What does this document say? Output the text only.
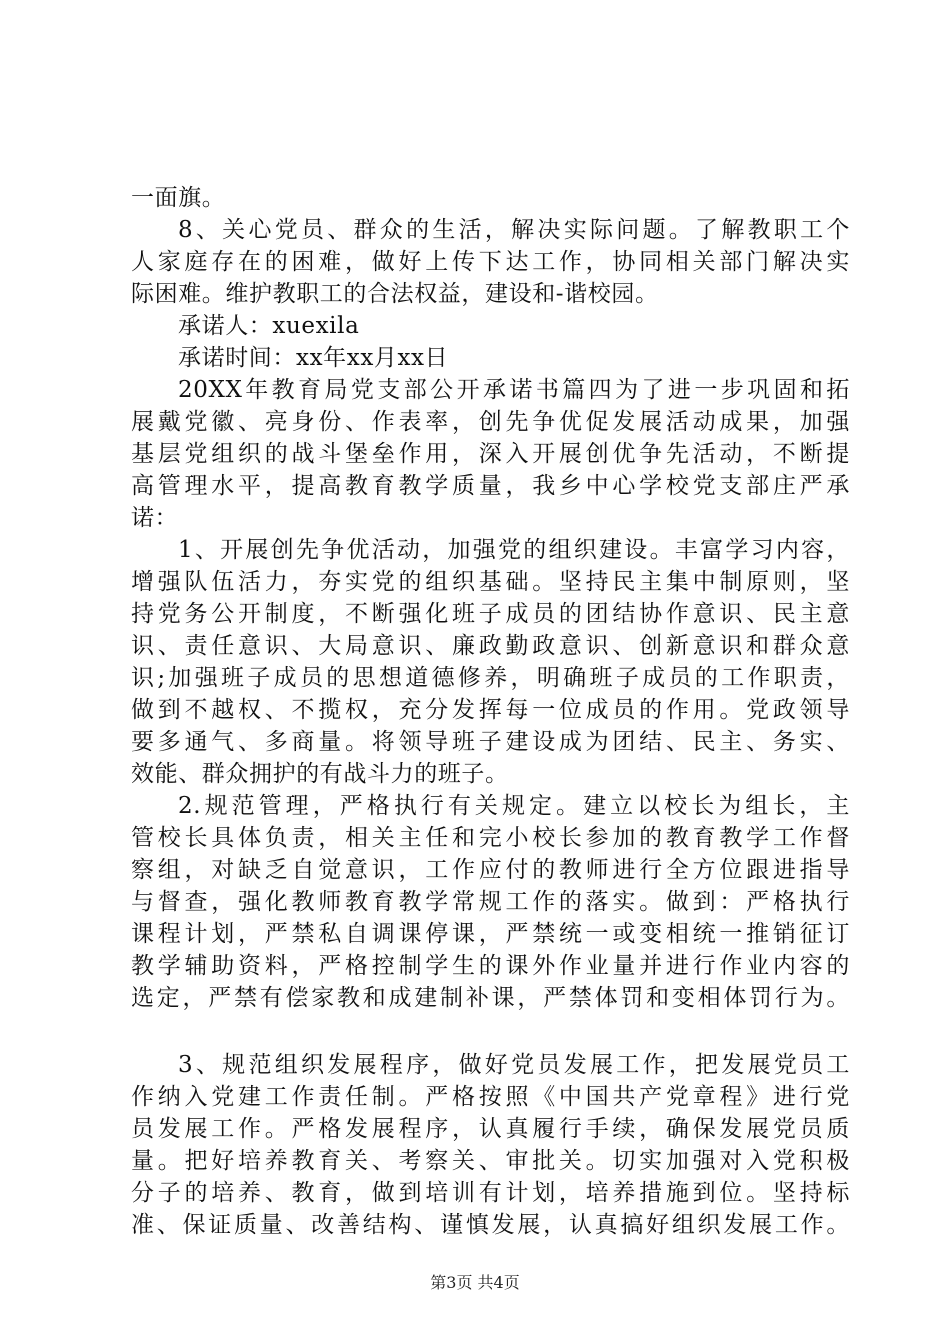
一面旗。
8、关心党员、群众的生活，解决实际问题。了解教职工个
人家庭存在的困难，做好上传下达工作，协同相关部门解决实
际困难。维护教职工的合法权益，建设和-谐校园。
承诺人：xuexila
承诺时间：xx年xx月xx日
20XX年教育局党支部公开承诺书篇四为了进一步巩固和拓
展戴党徽、亮身份、作表率，创先争优促发展活动成果，加强
基层党组织的战斗堡垒作用，深入开展创优争先活动，不断提
高管理水平，提高教育教学质量，我乡中心学校党支部庄严承
诺：
1、开展创先争优活动，加强党的组织建设。丰富学习内容，
增强队伍活力，夯实党的组织基础。坚持民主集中制原则，坚
持党务公开制度，不断强化班子成员的团结协作意识、民主意
识、责任意识、大局意识、廉政勤政意识、创新意识和群众意
识;加强班子成员的思想道德修养，明确班子成员的工作职责，
做到不越权、不揽权，充分发挥每一位成员的作用。党政领导
要多通气、多商量。将领导班子建设成为团结、民主、务实、
效能、群众拥护的有战斗力的班子。
2.规范管理，严格执行有关规定。建立以校长为组长，主
管校长具体负责，相关主任和完小校长参加的教育教学工作督
察组，对缺乏自觉意识，工作应付的教师进行全方位跟进指导
与督查，强化教师教育教学常规工作的落实。做到：严格执行
课程计划，严禁私自调课停课，严禁统一或变相统一推销征订
教学辅助资料，严格控制学生的课外作业量并进行作业内容的
选定，严禁有偿家教和成建制补课，严禁体罚和变相体罚行为。
3、规范组织发展程序，做好党员发展工作，把发展党员工
作纳入党建工作责任制。严格按照《中国共产党章程》进行党
员发展工作。严格发展程序，认真履行手续，确保发展党员质
量。把好培养教育关、考察关、审批关。切实加强对入党积极
分子的培养、教育，做到培训有计划，培养措施到位。坚持标
准、保证质量、改善结构、谨慎发展，认真搞好组织发展工作。
第3页 共4页
